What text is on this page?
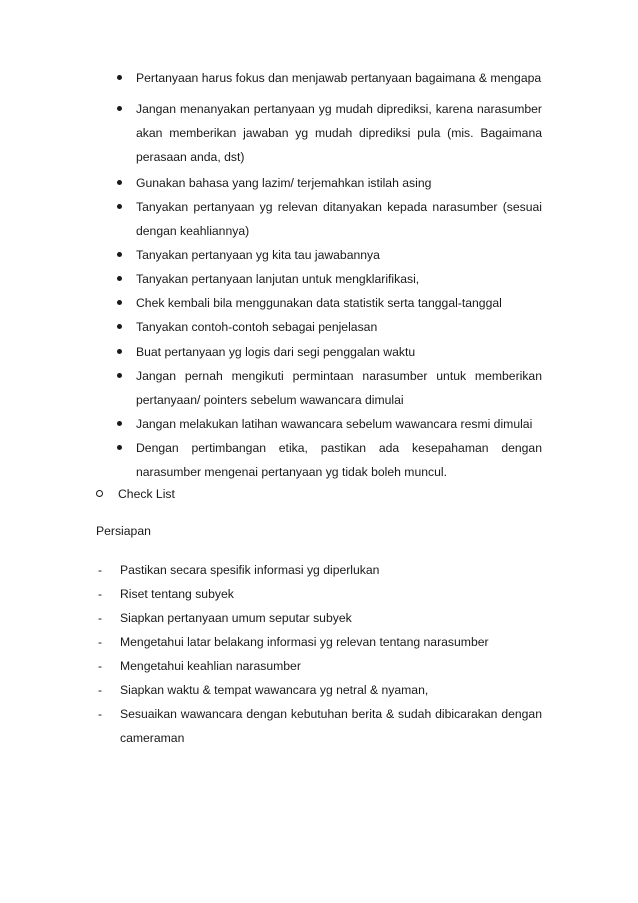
Pertanyaan harus fokus dan menjawab pertanyaan bagaimana & mengapa
Jangan menanyakan pertanyaan yg mudah diprediksi, karena narasumber akan memberikan jawaban yg mudah diprediksi pula (mis. Bagaimana perasaan anda, dst)
Gunakan bahasa yang lazim/ terjemahkan istilah asing
Tanyakan pertanyaan yg relevan ditanyakan kepada narasumber (sesuai dengan keahliannya)
Tanyakan pertanyaan yg kita tau jawabannya
Tanyakan pertanyaan lanjutan untuk mengklarifikasi,
Chek kembali bila menggunakan data statistik serta tanggal-tanggal
Tanyakan contoh-contoh sebagai penjelasan
Buat pertanyaan yg logis dari segi penggalan waktu
Jangan pernah mengikuti permintaan narasumber untuk memberikan pertanyaan/ pointers sebelum wawancara dimulai
Jangan melakukan latihan wawancara sebelum wawancara resmi dimulai
Dengan pertimbangan etika, pastikan ada kesepahaman dengan narasumber mengenai pertanyaan yg tidak boleh muncul.
Check List
Persiapan
- Pastikan secara spesifik informasi yg diperlukan
- Riset tentang subyek
- Siapkan pertanyaan umum seputar subyek
- Mengetahui latar belakang informasi yg relevan tentang narasumber
- Mengetahui keahlian narasumber
- Siapkan waktu & tempat wawancara yg netral & nyaman,
- Sesuaikan wawancara dengan kebutuhan berita & sudah dibicarakan dengan cameraman
